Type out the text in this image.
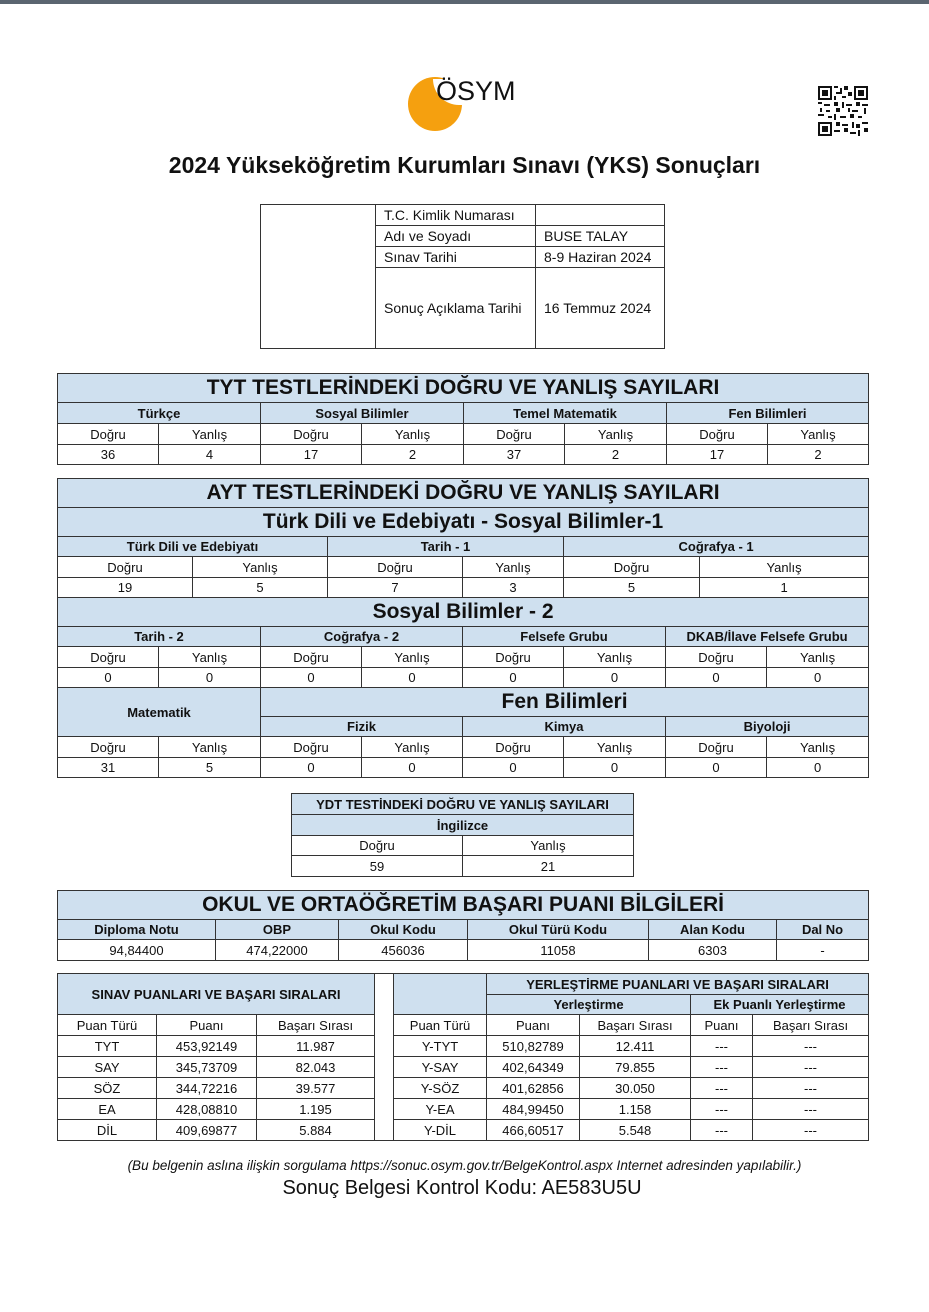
ÖSYM
2024 Yükseköğretim Kurumları Sınavı (YKS) Sonuçları
	T.C. Kimlik Numarası	
	Adı ve Soyadı	BUSE TALAY
	Sınav Tarihi	8-9 Haziran 2024
	Sonuç Açıklama Tarihi	16 Temmuz 2024
TYT TESTLERİNDEKİ DOĞRU VE YANLIŞ SAYILARI							
Türkçe		Sosyal Bilimler		Temel Matematik		Fen Bilimleri	
Doğru	Yanlış	Doğru	Yanlış	Doğru	Yanlış	Doğru	Yanlış
36	4	17	2	37	2	17	2
AYT TESTLERİNDEKİ DOĞRU VE YANLIŞ SAYILARI										
Türk Dili ve Edebiyatı - Sosyal Bilimler-1										
Türk Dili ve Edebiyatı				Tarih - 1			Coğrafya - 1			
Doğru		Yanlış		Doğru		Yanlış	Doğru		Yanlış	
19		5		7		3	5		1	
Sosyal Bilimler - 2										
Tarih - 2			Coğrafya - 2			Felsefe Grubu		DKAB/İlave Felsefe Grubu		
Doğru	Yanlış		Doğru		Yanlış	Doğru	Yanlış	Doğru		Yanlış
0	0		0		0	0	0	0		0
Matematik			Fen Bilimleri							
			Fizik			Kimya		Biyoloji		
Doğru	Yanlış		Doğru		Yanlış	Doğru	Yanlış	Doğru		Yanlış
31	5		0		0	0	0	0		0
YDT TESTİNDEKİ DOĞRU VE YANLIŞ SAYILARI	
İngilizce	
Doğru	Yanlış
59	21
OKUL VE ORTAÖĞRETİM BAŞARI PUANI BİLGİLERİ					
Diploma Notu	OBP	Okul Kodu	Okul Türü Kodu	Alan Kodu	Dal No
94,84400	474,22000	456036	11058	6303	-
SINAV PUANLARI VE BAŞARI SIRALARI					YERLEŞTİRME PUANLARI VE BAŞARI SIRALARI			
					Yerleştirme		Ek Puanlı Yerleştirme	
Puan Türü	Puanı	Başarı Sırası		Puan Türü	Puanı	Başarı Sırası	Puanı	Başarı Sırası
TYT	453,92149	11.987		Y-TYT	510,82789	12.411	---	---
SAY	345,73709	82.043		Y-SAY	402,64349	79.855	---	---
SÖZ	344,72216	39.577		Y-SÖZ	401,62856	30.050	---	---
EA	428,08810	1.195		Y-EA	484,99450	1.158	---	---
DİL	409,69877	5.884		Y-DİL	466,60517	5.548	---	---
(Bu belgenin aslına ilişkin sorgulama https://sonuc.osym.gov.tr/BelgeKontrol.aspx Internet adresinden yapılabilir.)
Sonuç Belgesi Kontrol Kodu: AE583U5U
